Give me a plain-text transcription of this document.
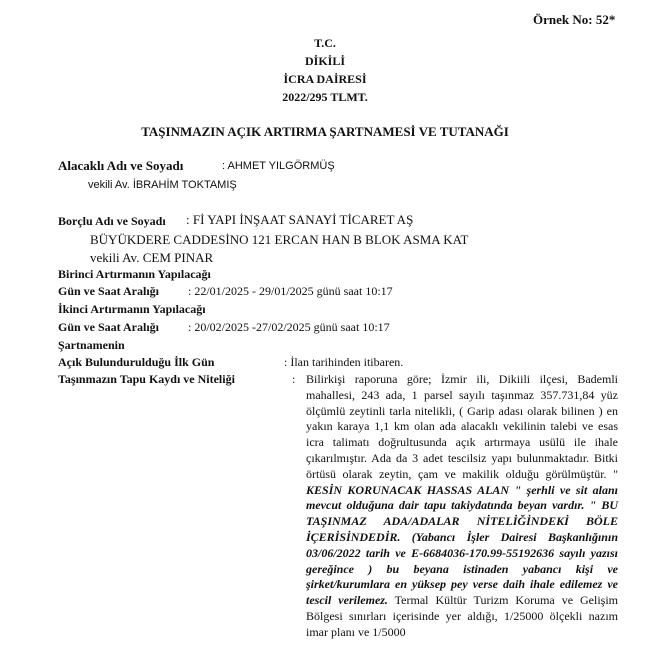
Örnek No: 52*
T.C.
DİKİLİ
İCRA DAİRESİ
2022/295 TLMT.
TAŞINMAZIN AÇIK ARTIRMA ŞARTNAMESİ VE TUTANAĞI
Alacaklı Adı ve Soyadı	: AHMET YILGÖRMÜŞ
vekili Av. İBRAHİM TOKTAMIŞ
Borçlu Adı ve Soyadı : Fİ YAPI İNŞAAT SANAYİ TİCARET AŞ
BÜYÜKDERE CADDESİNO 121 ERCAN HAN B BLOK ASMA KAT
vekili Av. CEM PINAR
Birinci Artırmanın Yapılacağı
Gün ve Saat Aralığı : 22/01/2025 - 29/01/2025 günü saat 10:17
İkinci Artırmanın Yapılacağı
Gün ve Saat Aralığı : 20/02/2025 -27/02/2025 günü saat 10:17
Şartnamenin
Açık Bulundurulduğu İlk Gün	: İlan tarihinden itibaren.
Taşınmazın Tapu Kaydı ve Niteliği	: Bilirkişi raporuna göre; İzmir ili, Dikiili ilçesi, Bademli mahallesi, 243 ada, 1 parsel sayılı taşınmaz 357.731,84 yüz ölçümlü zeytinli tarla nitelikli, ( Garip adası olarak bilinen ) en yakın karaya 1,1 km olan ada alacaklı vekilinin talebi ve esas icra talimatı doğrultusunda açık artırmaya usülü ile ihale çıkarılmıştır. Ada da 3 adet tescilsiz yapı bulunmaktadır. Bitki örtüsü olarak zeytin, çam ve makilik olduğu görülmüştür. " KESİN KORUNACAK HASSAS ALAN " şerhli ve sit alanı mevcut olduğuna dair tapu takiydatında beyan vardır. " BU TAŞINMAZ ADA/ADALAR NİTELİĞİNDEKİ BÖLE İÇERİSİNDEDİR. (Yabancı İşler Dairesi Başkanlığının 03/06/2022 tarih ve E-6684036-170.99-55192636 sayılı yazısı gereğince ) bu beyana istinaden yabancı kişi ve şirket/kurumlara en yüksep pey verse daih ihale edilemez ve tescil verilemez. Termal Kültür Turizm Koruma ve Gelişim Bölgesi sınırları içerisinde yer aldığı, 1/25000 ölçekli nazım imar planı ve 1/5000
